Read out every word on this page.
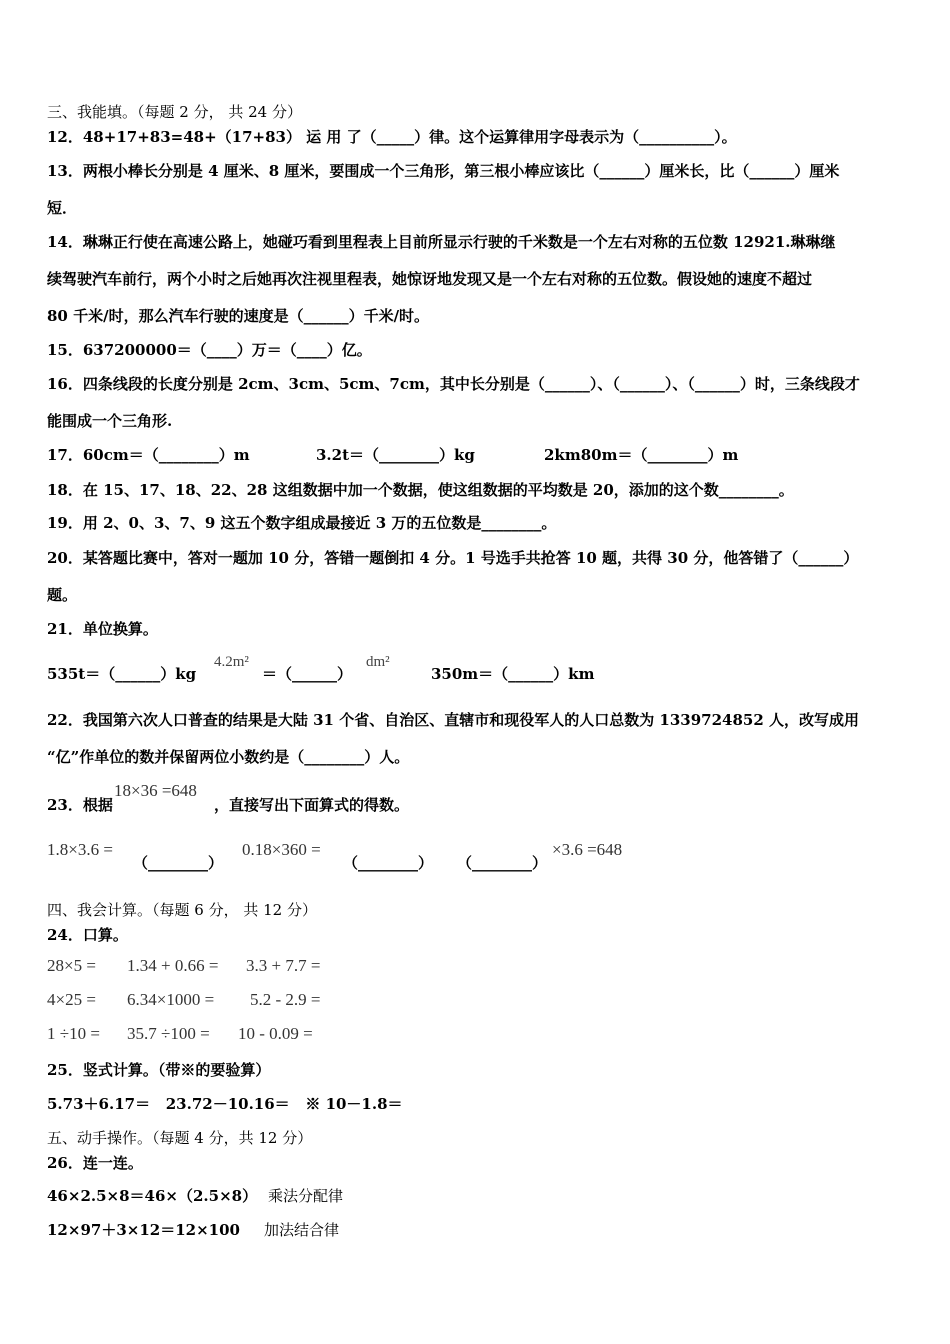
三、我能填。（每题 2 分， 共 24 分）
12．48+17+83=48+（17+83） 运 用 了（_____）律。这个运算律用字母表示为（__________）。
13．两根小棒长分别是 4 厘米、8 厘米，要围成一个三角形，第三根小棒应该比（______）厘米长，比（______）厘米
短．
14．琳琳正行使在高速公路上，她碰巧看到里程表上目前所显示行驶的千米数是一个左右对称的五位数 12921.琳琳继
续驾驶汽车前行，两个小时之后她再次注视里程表，她惊讶地发现又是一个左右对称的五位数。假设她的速度不超过
80 千米/时，那么汽车行驶的速度是（______）千米/时。
15．637200000＝（____）万＝（____）亿。
16．四条线段的长度分别是 2cm、3cm、5cm、7cm，其中长分别是（______）、（______）、（______）时，三条线段才
能围成一个三角形.
17．60cm＝（________）m	3.2t＝（________）kg	2km80m＝（________）m
18．在 15、17、18、22、28 这组数据中加一个数据，使这组数据的平均数是 20，添加的这个数________。
19．用 2、0、3、7、9 这五个数字组成最接近 3 万的五位数是________。
20．某答题比赛中，答对一题加 10 分，答错一题倒扣 4 分。1 号选手共抢答 10 题，共得 30 分，他答错了（______）
题。
21．单位换算。
535t＝（______）kg
4.2m²
＝（______）
dm²
350m＝（______）km
22．我国第六次人口普查的结果是大陆 31 个省、自治区、直辖市和现役军人的人口总数为 1339724852 人，改写成用
“亿”作单位的数并保留两位小数约是（________）人。
23．根据
18×36 =648
，直接写出下面算式的得数。
1.8×3.6 =
（________）
0.18×360 =
（________） （________）
×3.6 =648
四、我会计算。（每题 6 分， 共 12 分）
24．口算。
28×5 = 1.34 + 0.66 = 3.3 + 7.7 =
4×25 = 6.34×1000 = 5.2 - 2.9 =
1 ÷10 = 35.7 ÷100 = 10 - 0.09 =
25．竖式计算。（带※的要验算）
5.73＋6.17＝   23.72－10.16＝   ※ 10－1.8＝
五、动手操作。（每题 4 分，共 12 分）
26．连一连。
46×2.5×8＝46×（2.5×8） 乘法分配律
12×97＋3×12＝12×100 加法结合律
